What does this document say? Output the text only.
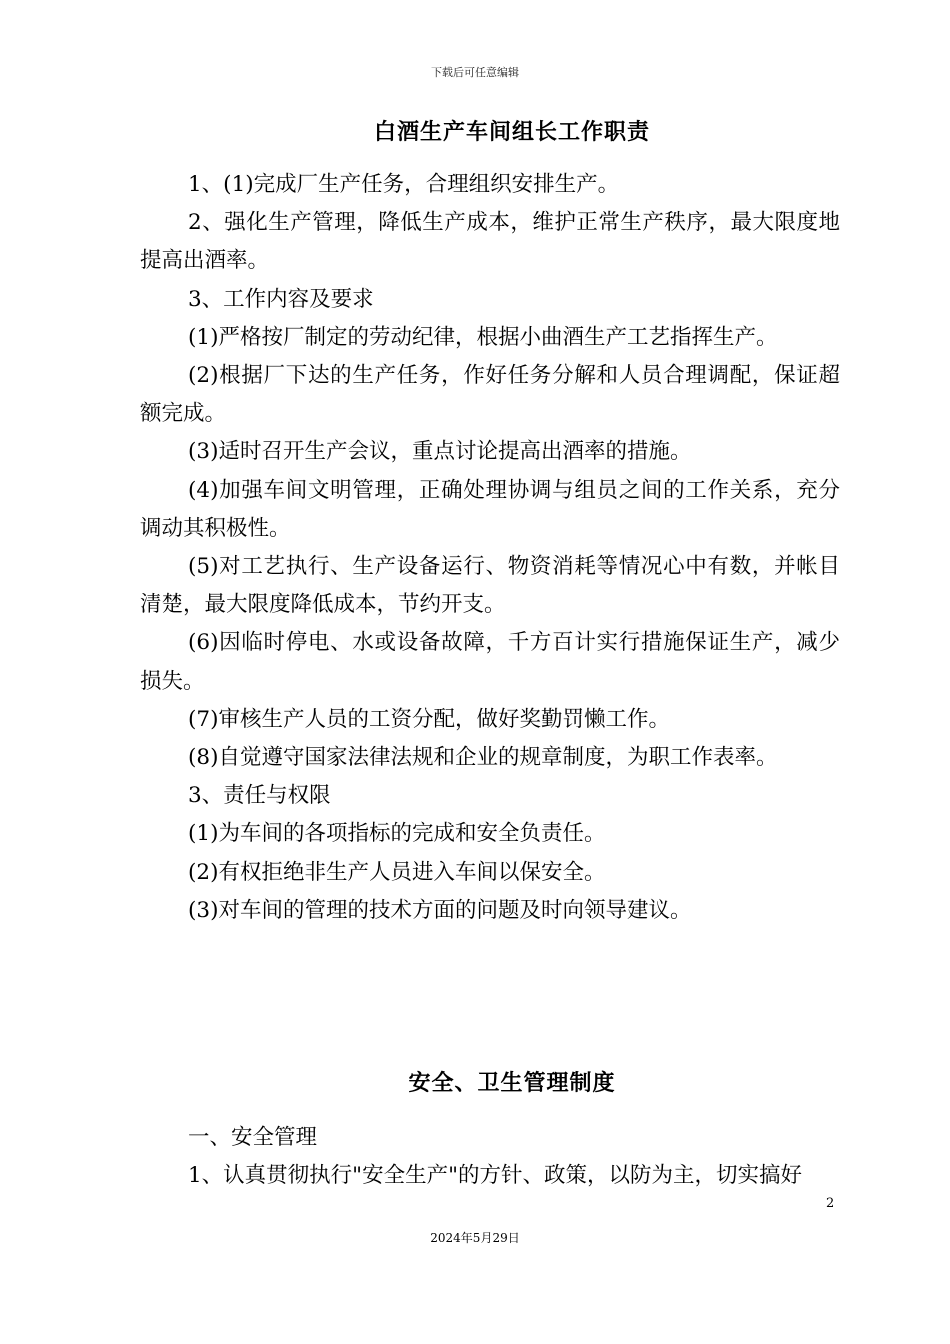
下载后可任意编辑
白酒生产车间组长工作职责

1、(1)完成厂生产任务，合理组织安排生产。

2、强化生产管理，降低生产成本，维护正常生产秩序，最大限度地提高出酒率。

3、工作内容及要求

(1)严格按厂制定的劳动纪律，根据小曲酒生产工艺指挥生产。

(2)根据厂下达的生产任务，作好任务分解和人员合理调配，保证超额完成。

(3)适时召开生产会议，重点讨论提高出酒率的措施。

(4)加强车间文明管理，正确处理协调与组员之间的工作关系，充分调动其积极性。

(5)对工艺执行、生产设备运行、物资消耗等情况心中有数，并帐目清楚，最大限度降低成本，节约开支。

(6)因临时停电、水或设备故障，千方百计实行措施保证生产，减少损失。

(7)审核生产人员的工资分配，做好奖勤罚懒工作。

(8)自觉遵守国家法律法规和企业的规章制度，为职工作表率。

3、责任与权限

(1)为车间的各项指标的完成和安全负责任。

(2)有权拒绝非生产人员进入车间以保安全。

(3)对车间的管理的技术方面的问题及时向领导建议。

安全、卫生管理制度

一、安全管理

1、认真贯彻执行"安全生产"的方针、政策，以防为主，切实搞好

2
2024年5月29日
